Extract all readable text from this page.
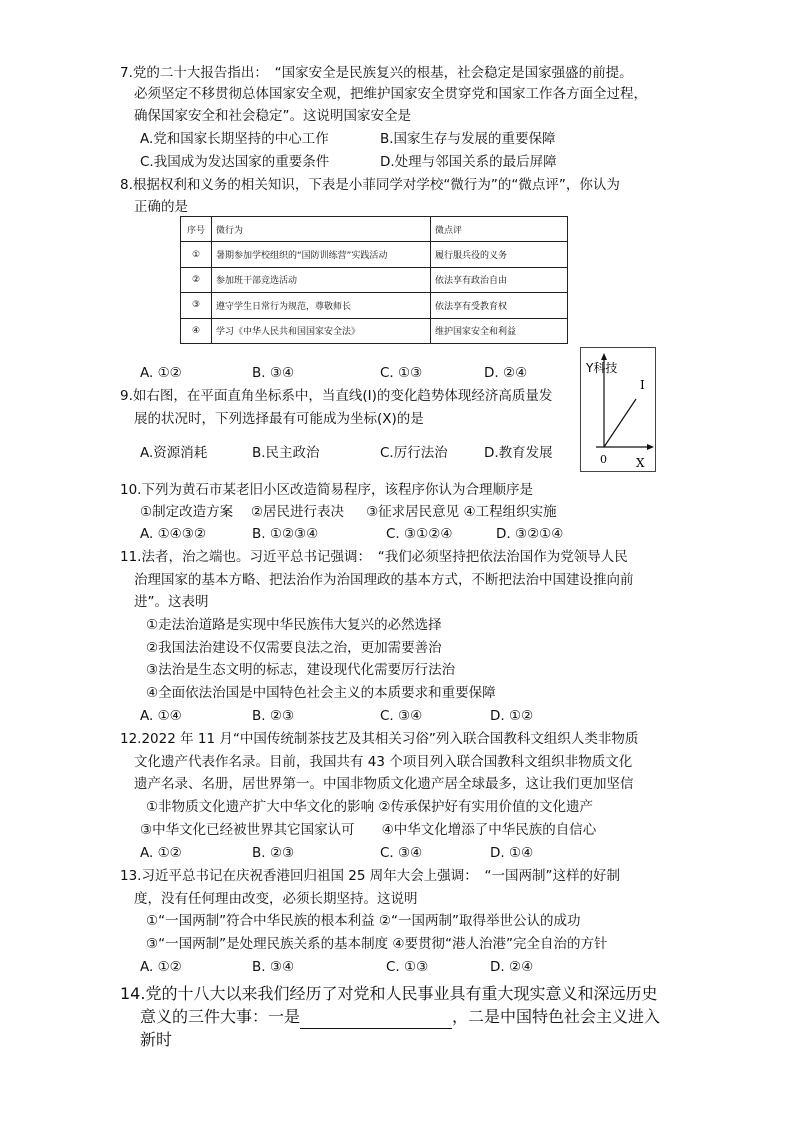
7.党的二十大报告指出：　“国家安全是民族复兴的根基，社会稳定是国家强盛的前提。
必须坚定不移贯彻总体国家安全观，把维护国家安全贯穿党和国家工作各方面全过程，
确保国家安全和社会稳定”。这说明国家安全是
A.党和国家长期坚持的中心工作	B.国家生存与发展的重要保障
C.我国成为发达国家的重要条件	D.处理与邻国关系的最后屏障
8.根据权利和义务的相关知识，下表是小菲同学对学校“微行为”的“微点评”，你认为
正确的是
序号	微行为	微点评
①	暑期参加学校组织的“国防训练营”实践活动	履行服兵役的义务
②	参加班干部竞选活动	依法享有政治自由
③	遵守学生日常行为规范，尊敬师长	依法享有受教育权
④	学习《中华人民共和国国家安全法》	维护国家安全和利益
A. ①②	B. ③④	C. ①③	D. ②④
9.如右图，在平面直角坐标系中，当直线(I)的变化趋势体现经济高质量发
展的状况时，下列选择最有可能成为坐标(X)的是
A.资源消耗	B.民主政治	C.厉行法治	D.教育发展
Y科技
I
0 X
10.下列为黄石市某老旧小区改造简易程序，该程序你认为合理顺序是
①制定改造方案　 ②居民进行表决 　 ③征求居民意见 ④工程组织实施
A. ①④③②	B. ①②③④	C. ③①②④	D. ③②①④
11.法者，治之端也。习近平总书记强调：　“我们必须坚持把依法治国作为党领导人民
治理国家的基本方略、把法治作为治国理政的基本方式，不断把法治中国建设推向前
进”。这表明
①走法治道路是实现中华民族伟大复兴的必然选择
②我国法治建设不仅需要良法之治，更加需要善治
③法治是生态文明的标志，建设现代化需要厉行法治
④全面依法治国是中国特色社会主义的本质要求和重要保障
A. ①④	B. ②③	C. ③④	D. ①②
12.2022 年 11 月“中国传统制茶技艺及其相关习俗”列入联合国教科文组织人类非物质
文化遗产代表作名录。目前，我国共有 43 个项目列入联合国教科文组织非物质文化
遗产名录、名册，居世界第一。中国非物质文化遗产居全球最多，这让我们更加坚信
①非物质文化遗产扩大中华文化的影响 ②传承保护好有实用价值的文化遗产
③中华文化已经被世界其它国家认可　　④中华文化增添了中华民族的自信心
A. ①②	B. ②③	C. ③④	D. ①④
13.习近平总书记在庆祝香港回归祖国 25 周年大会上强调：　“一国两制”这样的好制
度，没有任何理由改变，必须长期坚持。这说明
①“一国两制”符合中华民族的根本利益 ②“一国两制”取得举世公认的成功
③“一国两制”是处理民族关系的基本制度 ④要贯彻“港人治港”完全自治的方针
A. ①②	B. ③④	C. ①③	D. ②④
14.党的十八大以来我们经历了对党和人民事业具有重大现实意义和深远历史
意义的三件大事：一是	，二是中国特色社会主义进入
新时
